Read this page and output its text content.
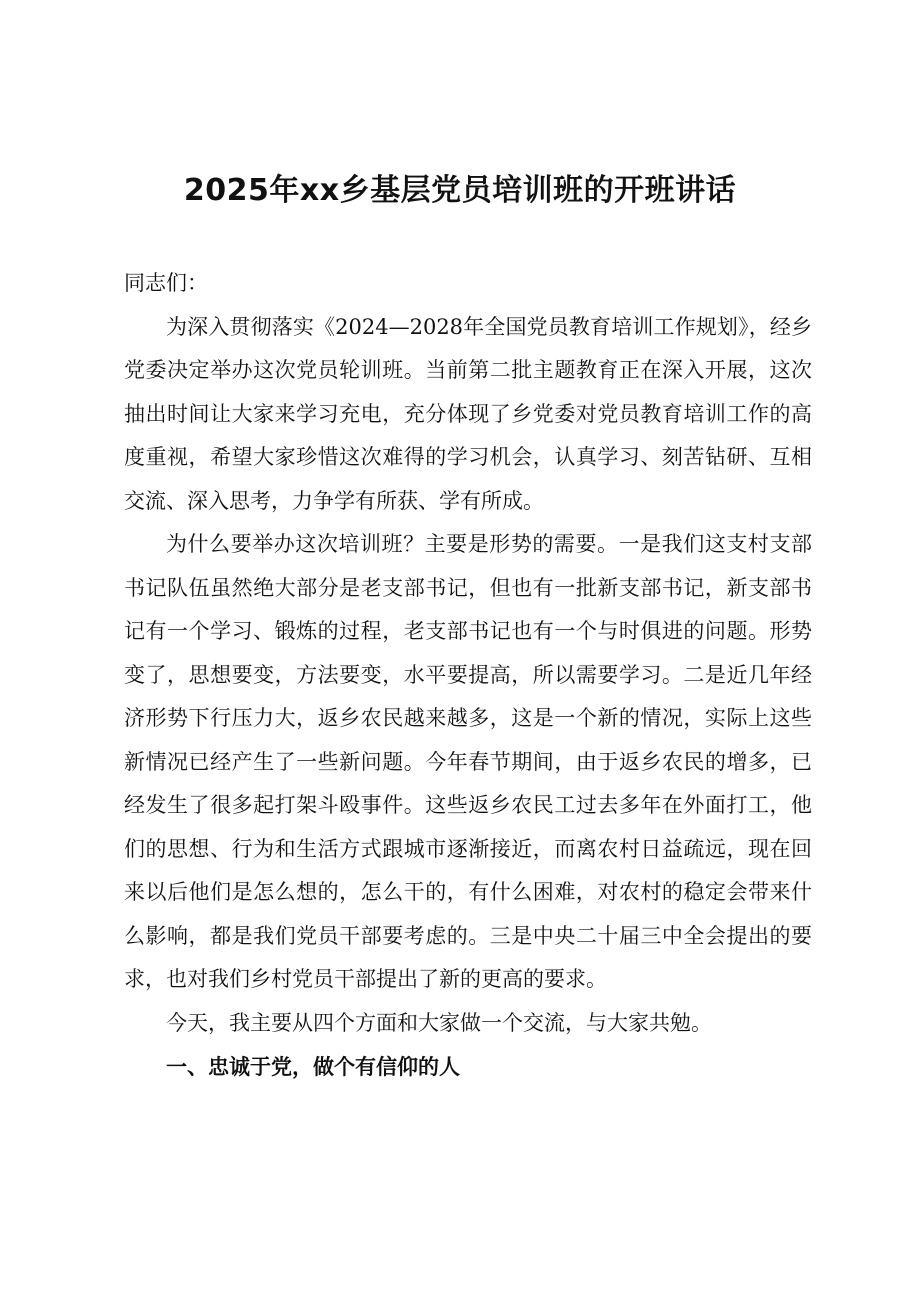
2025年xx乡基层党员培训班的开班讲话

同志们：

为深入贯彻落实《2024—2028年全国党员教育培训工作规划》，经乡党委决定举办这次党员轮训班。当前第二批主题教育正在深入开展，这次抽出时间让大家来学习充电，充分体现了乡党委对党员教育培训工作的高度重视，希望大家珍惜这次难得的学习机会，认真学习、刻苦钻研、互相交流、深入思考，力争学有所获、学有所成。

为什么要举办这次培训班？主要是形势的需要。一是我们这支村支部书记队伍虽然绝大部分是老支部书记，但也有一批新支部书记，新支部书记有一个学习、锻炼的过程，老支部书记也有一个与时俱进的问题。形势变了，思想要变，方法要变，水平要提高，所以需要学习。二是近几年经济形势下行压力大，返乡农民越来越多，这是一个新的情况，实际上这些新情况已经产生了一些新问题。今年春节期间，由于返乡农民的增多，已经发生了很多起打架斗殴事件。这些返乡农民工过去多年在外面打工，他们的思想、行为和生活方式跟城市逐渐接近，而离农村日益疏远，现在回来以后他们是怎么想的，怎么干的，有什么困难，对农村的稳定会带来什么影响，都是我们党员干部要考虑的。三是中央二十届三中全会提出的要求，也对我们乡村党员干部提出了新的更高的要求。

今天，我主要从四个方面和大家做一个交流，与大家共勉。

一、忠诚于党，做个有信仰的人
